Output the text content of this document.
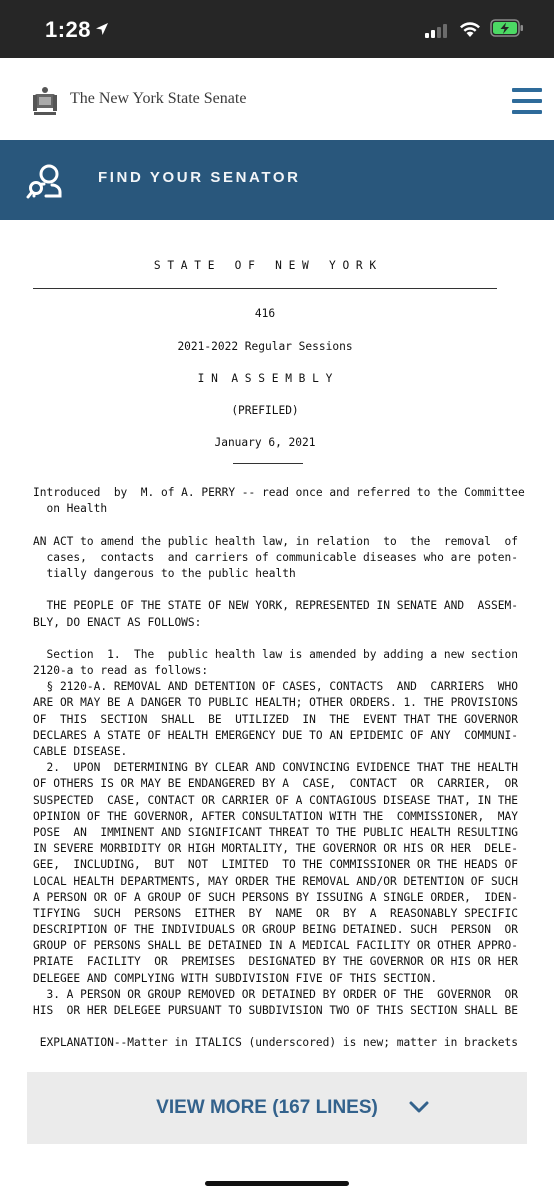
1:28
The New York State Senate
FIND YOUR SENATOR
S T A T E   O F   N E W   Y O R K
416
2021-2022 Regular Sessions
I N  A S S E M B L Y
(PREFILED)
January 6, 2021
Introduced  by  M. of A. PERRY -- read once and referred to the Committee
on Health

AN ACT to amend the public health law, in relation  to  the  removal  of
cases,  contacts  and carriers of communicable diseases who are poten-
tially dangerous to the public health

THE PEOPLE OF THE STATE OF NEW YORK, REPRESENTED IN SENATE AND  ASSEM-
BLY, DO ENACT AS FOLLOWS:

Section  1.  The  public health law is amended by adding a new section
2120-a to read as follows:
§ 2120-A. REMOVAL AND DETENTION OF CASES, CONTACTS  AND  CARRIERS  WHO
ARE OR MAY BE A DANGER TO PUBLIC HEALTH; OTHER ORDERS. 1. THE PROVISIONS
OF  THIS  SECTION  SHALL  BE  UTILIZED  IN  THE  EVENT THAT THE GOVERNOR
DECLARES A STATE OF HEALTH EMERGENCY DUE TO AN EPIDEMIC OF ANY  COMMUNI-
CABLE DISEASE.
2.  UPON  DETERMINING BY CLEAR AND CONVINCING EVIDENCE THAT THE HEALTH
OF OTHERS IS OR MAY BE ENDANGERED BY A  CASE,  CONTACT  OR  CARRIER,  OR
SUSPECTED  CASE, CONTACT OR CARRIER OF A CONTAGIOUS DISEASE THAT, IN THE
OPINION OF THE GOVERNOR, AFTER CONSULTATION WITH THE  COMMISSIONER,  MAY
POSE  AN  IMMINENT AND SIGNIFICANT THREAT TO THE PUBLIC HEALTH RESULTING
IN SEVERE MORBIDITY OR HIGH MORTALITY, THE GOVERNOR OR HIS OR HER  DELE-
GEE,  INCLUDING,  BUT  NOT  LIMITED  TO THE COMMISSIONER OR THE HEADS OF
LOCAL HEALTH DEPARTMENTS, MAY ORDER THE REMOVAL AND/OR DETENTION OF SUCH
A PERSON OR OF A GROUP OF SUCH PERSONS BY ISSUING A SINGLE ORDER,  IDEN-
TIFYING  SUCH  PERSONS  EITHER  BY  NAME  OR  BY  A  REASONABLY SPECIFIC
DESCRIPTION OF THE INDIVIDUALS OR GROUP BEING DETAINED. SUCH  PERSON  OR
GROUP OF PERSONS SHALL BE DETAINED IN A MEDICAL FACILITY OR OTHER APPRO-
PRIATE  FACILITY  OR  PREMISES  DESIGNATED BY THE GOVERNOR OR HIS OR HER
DELEGEE AND COMPLYING WITH SUBDIVISION FIVE OF THIS SECTION.
3. A PERSON OR GROUP REMOVED OR DETAINED BY ORDER OF THE  GOVERNOR  OR
HIS  OR HER DELEGEE PURSUANT TO SUBDIVISION TWO OF THIS SECTION SHALL BE

EXPLANATION--Matter in ITALICS (underscored) is new; matter in brackets
VIEW MORE (167 LINES)
